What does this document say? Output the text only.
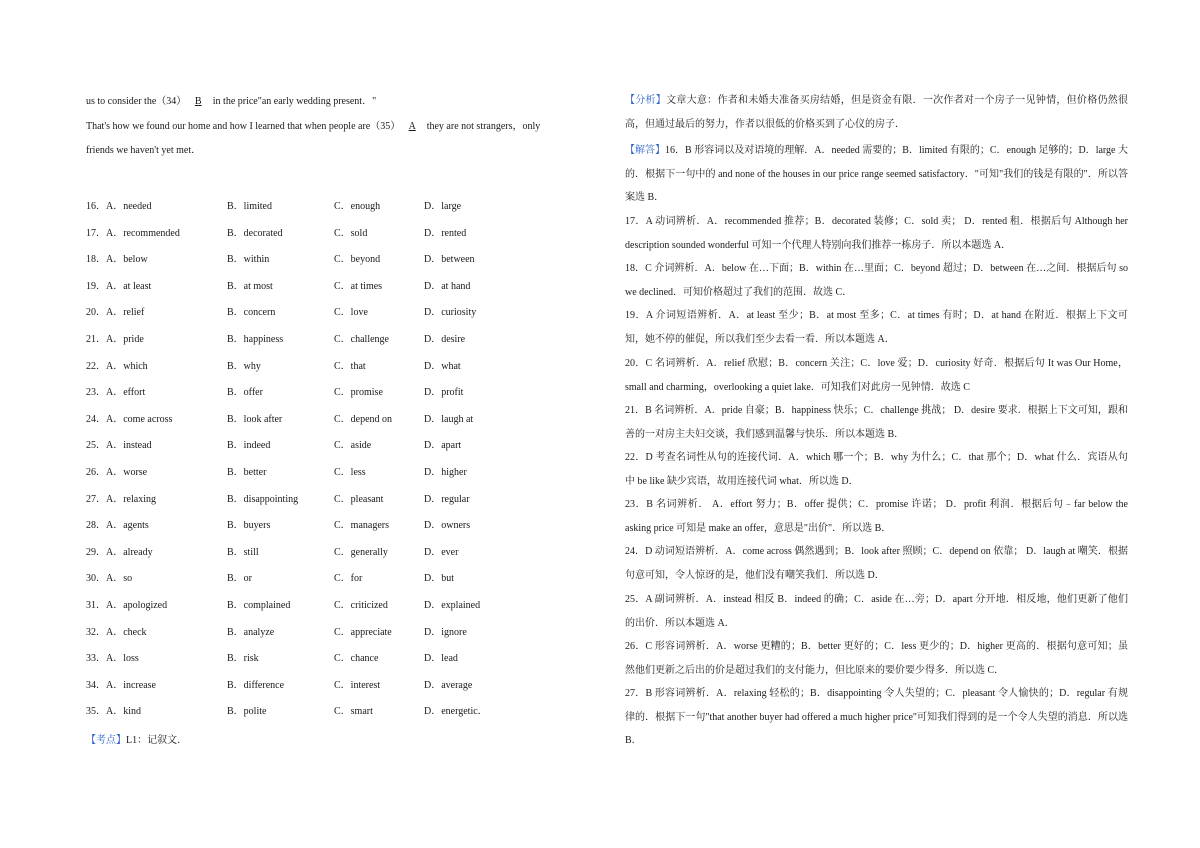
us to consider the（34） B in the price"an early wedding present．"
That's how we found our home and how I learned that when people are（35） A they are not strangers，only
friends we haven't yet met．
16．A．needed	B．limited	C．enough	D．large
17．A．recommended	B．decorated	C．sold	D．rented
18．A．below	B．within	C．beyond	D．between
19．A．at least	B．at most	C．at times	D．at hand
20．A．relief	B．concern	C．love	D．curiosity
21．A．pride	B．happiness	C．challenge	D．desire
22．A．which	B．why	C．that	D．what
23．A．effort	B．offer	C．promise	D．profit
24．A．come across	B．look after	C．depend on	D．laugh at
25．A．instead	B．indeed	C．aside	D．apart
26．A．worse	B．better	C．less	D．higher
27．A．relaxing	B．disappointing	C．pleasant	D．regular
28．A．agents	B．buyers	C．managers	D．owners
29．A．already	B．still	C．generally	D．ever
30．A．so	B．or	C．for	D．but
31．A．apologized	B．complained	C．criticized	D．explained
32．A．check	B．analyze	C．appreciate	D．ignore
33．A．loss	B．risk	C．chance	D．lead
34．A．increase	B．difference	C．interest	D．average
35．A．kind	B．polite	C．smart	D．energetic．
【考点】L1：记叙文．
【分析】文章大意：作者和未婚夫准备买房结婚，但是资金有限．一次作者对一个房子一见钟情，但价格仍然很高，但通过最后的努力，作者以很低的价格买到了心仪的房子．
【解答】16．B 形容词以及对语境的理解．A．needed 需要的；B．limited 有限的；C．enough 足够的；D．large 大的．根据下一句中的 and none of the houses in our price range seemed satisfactory．"可知"我们的钱是有限的"．所以答案选 B．
17．A 动词辨析．A．recommended 推荐；B．decorated 装修；C．sold 卖； D．rented 租．根据后句 Although her description sounded wonderful 可知一个代理人特别向我们推荐一栋房子．所以本题选 A．
18．C 介词辨析．A．below 在…下面；B．within 在…里面；C．beyond 超过；D．between 在…之间．根据后句 so we declined．可知价格超过了我们的范围．故选 C．
19．A 介词短语辨析．A．at least 至少；B．at most 至多；C．at times 有时；D．at hand 在附近．根据上下文可知，她不停的催促，所以我们至少去看一看．所以本题选 A．
20．C 名词辨析．A．relief 欣慰；B．concern 关注；C．love 爱；D．curiosity 好奇．根据后句 It was Our Home，small and charming，overlooking a quiet lake．可知我们对此房一见钟情．故选 C
21．B 名词辨析．A．pride 自豪；B．happiness 快乐；C．challenge 挑战； D．desire 要求．根据上下文可知，跟和善的一对房主夫妇交谈，我们感到温馨与快乐．所以本题选 B．
22．D 考查名词性从句的连接代词．A．which 哪一个；B．why 为什么；C．that 那个；D．what 什么．宾语从句中 be like 缺少宾语，故用连接代词 what．所以选 D．
23．B 名词辨析． A．effort 努力；B．offer 提供；C．promise 许诺； D．profit 利润．根据后句﹣far below the asking price 可知是 make an offer，意思是"出价"．所以选 B．
24．D 动词短语辨析．A．come across 偶然遇到；B．look after 照顾；C．depend on 依靠； D．laugh at 嘲笑．根据句意可知，令人惊讶的是，他们没有嘲笑我们．所以选 D．
25．A 副词辨析．A．instead 相反 B．indeed 的确；C．aside 在…旁；D．apart 分开地．相反地，他们更新了他们的出价．所以本题选 A．
26．C 形容词辨析．A．worse 更糟的；B．better 更好的；C．less 更少的；D．higher 更高的．根据句意可知；虽然他们更新之后出的价是超过我们的支付能力，但比原来的要价要少得多．所以选 C．
27．B 形容词辨析．A．relaxing 轻松的；B．disappointing 令人失望的；C．pleasant 令人愉快的；D．regular 有规律的．根据下一句"that another buyer had offered a much higher price"可知我们得到的是一个令人失望的消息．所以选 B．
